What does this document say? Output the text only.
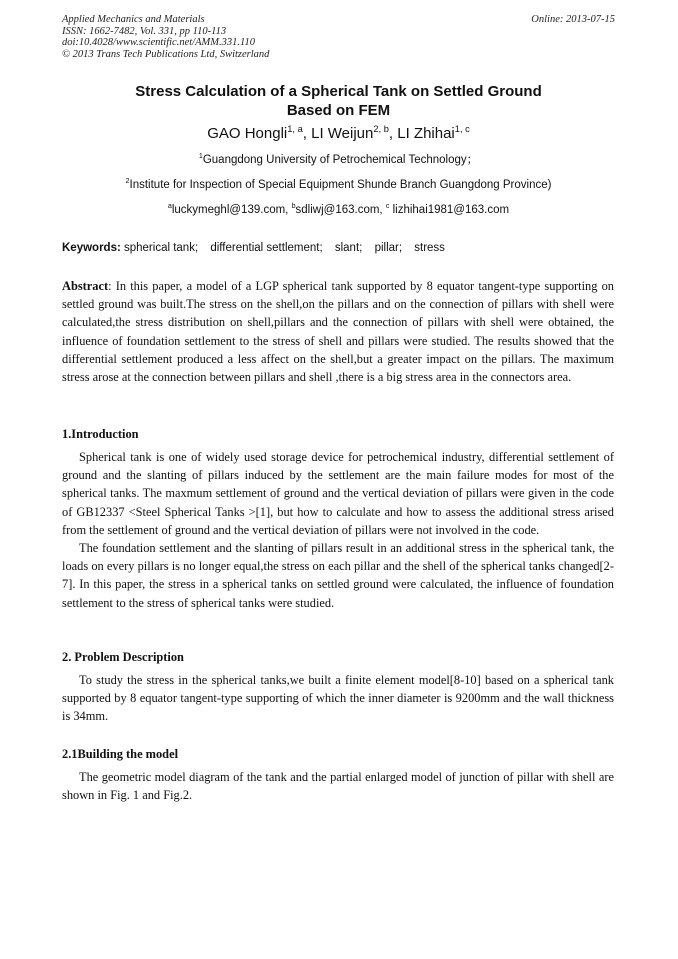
Applied Mechanics and Materials
ISSN: 1662-7482, Vol. 331, pp 110-113
doi:10.4028/www.scientific.net/AMM.331.110
© 2013 Trans Tech Publications Ltd, Switzerland
Online: 2013-07-15
Stress Calculation of a Spherical Tank on Settled Ground
Based on FEM
GAO Hongli$^{1, a}$, LI Weijun$^{2, b}$, LI Zhihai$^{1, c}$
$^1$Guangdong University of Petrochemical Technology；
$^2$Institute for Inspection of Special Equipment Shunde Branch Guangdong Province)
$^a$luckymeghl@139.com, $^b$sdliwj@163.com, $^c$ lizhihai1981@163.com
Keywords: spherical tank; differential settlement; slant; pillar; stress

Abstract: In this paper, a model of a LGP spherical tank supported by 8 equator tangent-type supporting on settled ground was built.The stress on the shell,on the pillars and on the connection of pillars with shell were calculated,the stress distribution on shell,pillars and the connection of pillars with shell were obtained, the influence of foundation settlement to the stress of shell and pillars were studied. The results showed that the differential settlement produced a less affect on the shell,but a greater impact on the pillars. The maximum stress arose at the connection between pillars and shell ,there is a big stress area in the connectors area.

1.Introduction

Spherical tank is one of widely used storage device for petrochemical industry, differential settlement of ground and the slanting of pillars induced by the settlement are the main failure modes for most of the spherical tanks. The maxmum settlement of ground and the vertical deviation of pillars were given in the code of GB12337 <Steel Spherical Tanks >[1], but how to calculate and how to assess the additional stress arised from the settlement of ground and the vertical deviation of pillars were not involved in the code.

The foundation settlement and the slanting of pillars result in an additional stress in the spherical tank, the loads on every pillars is no longer equal,the stress on each pillar and the shell of the spherical tanks changed[2-7]. In this paper, the stress in a spherical tanks on settled ground were calculated, the influence of foundation settlement to the stress of spherical tanks were studied.

2. Problem Description

To study the stress in the spherical tanks,we built a finite element model[8-10] based on a spherical tank supported by 8 equator tangent-type supporting of which the inner diameter is 9200mm and the wall thickness is 34mm.

2.1Building the model

The geometric model diagram of the tank and the partial enlarged model of junction of pillar with shell are shown in Fig. 1 and Fig.2.
